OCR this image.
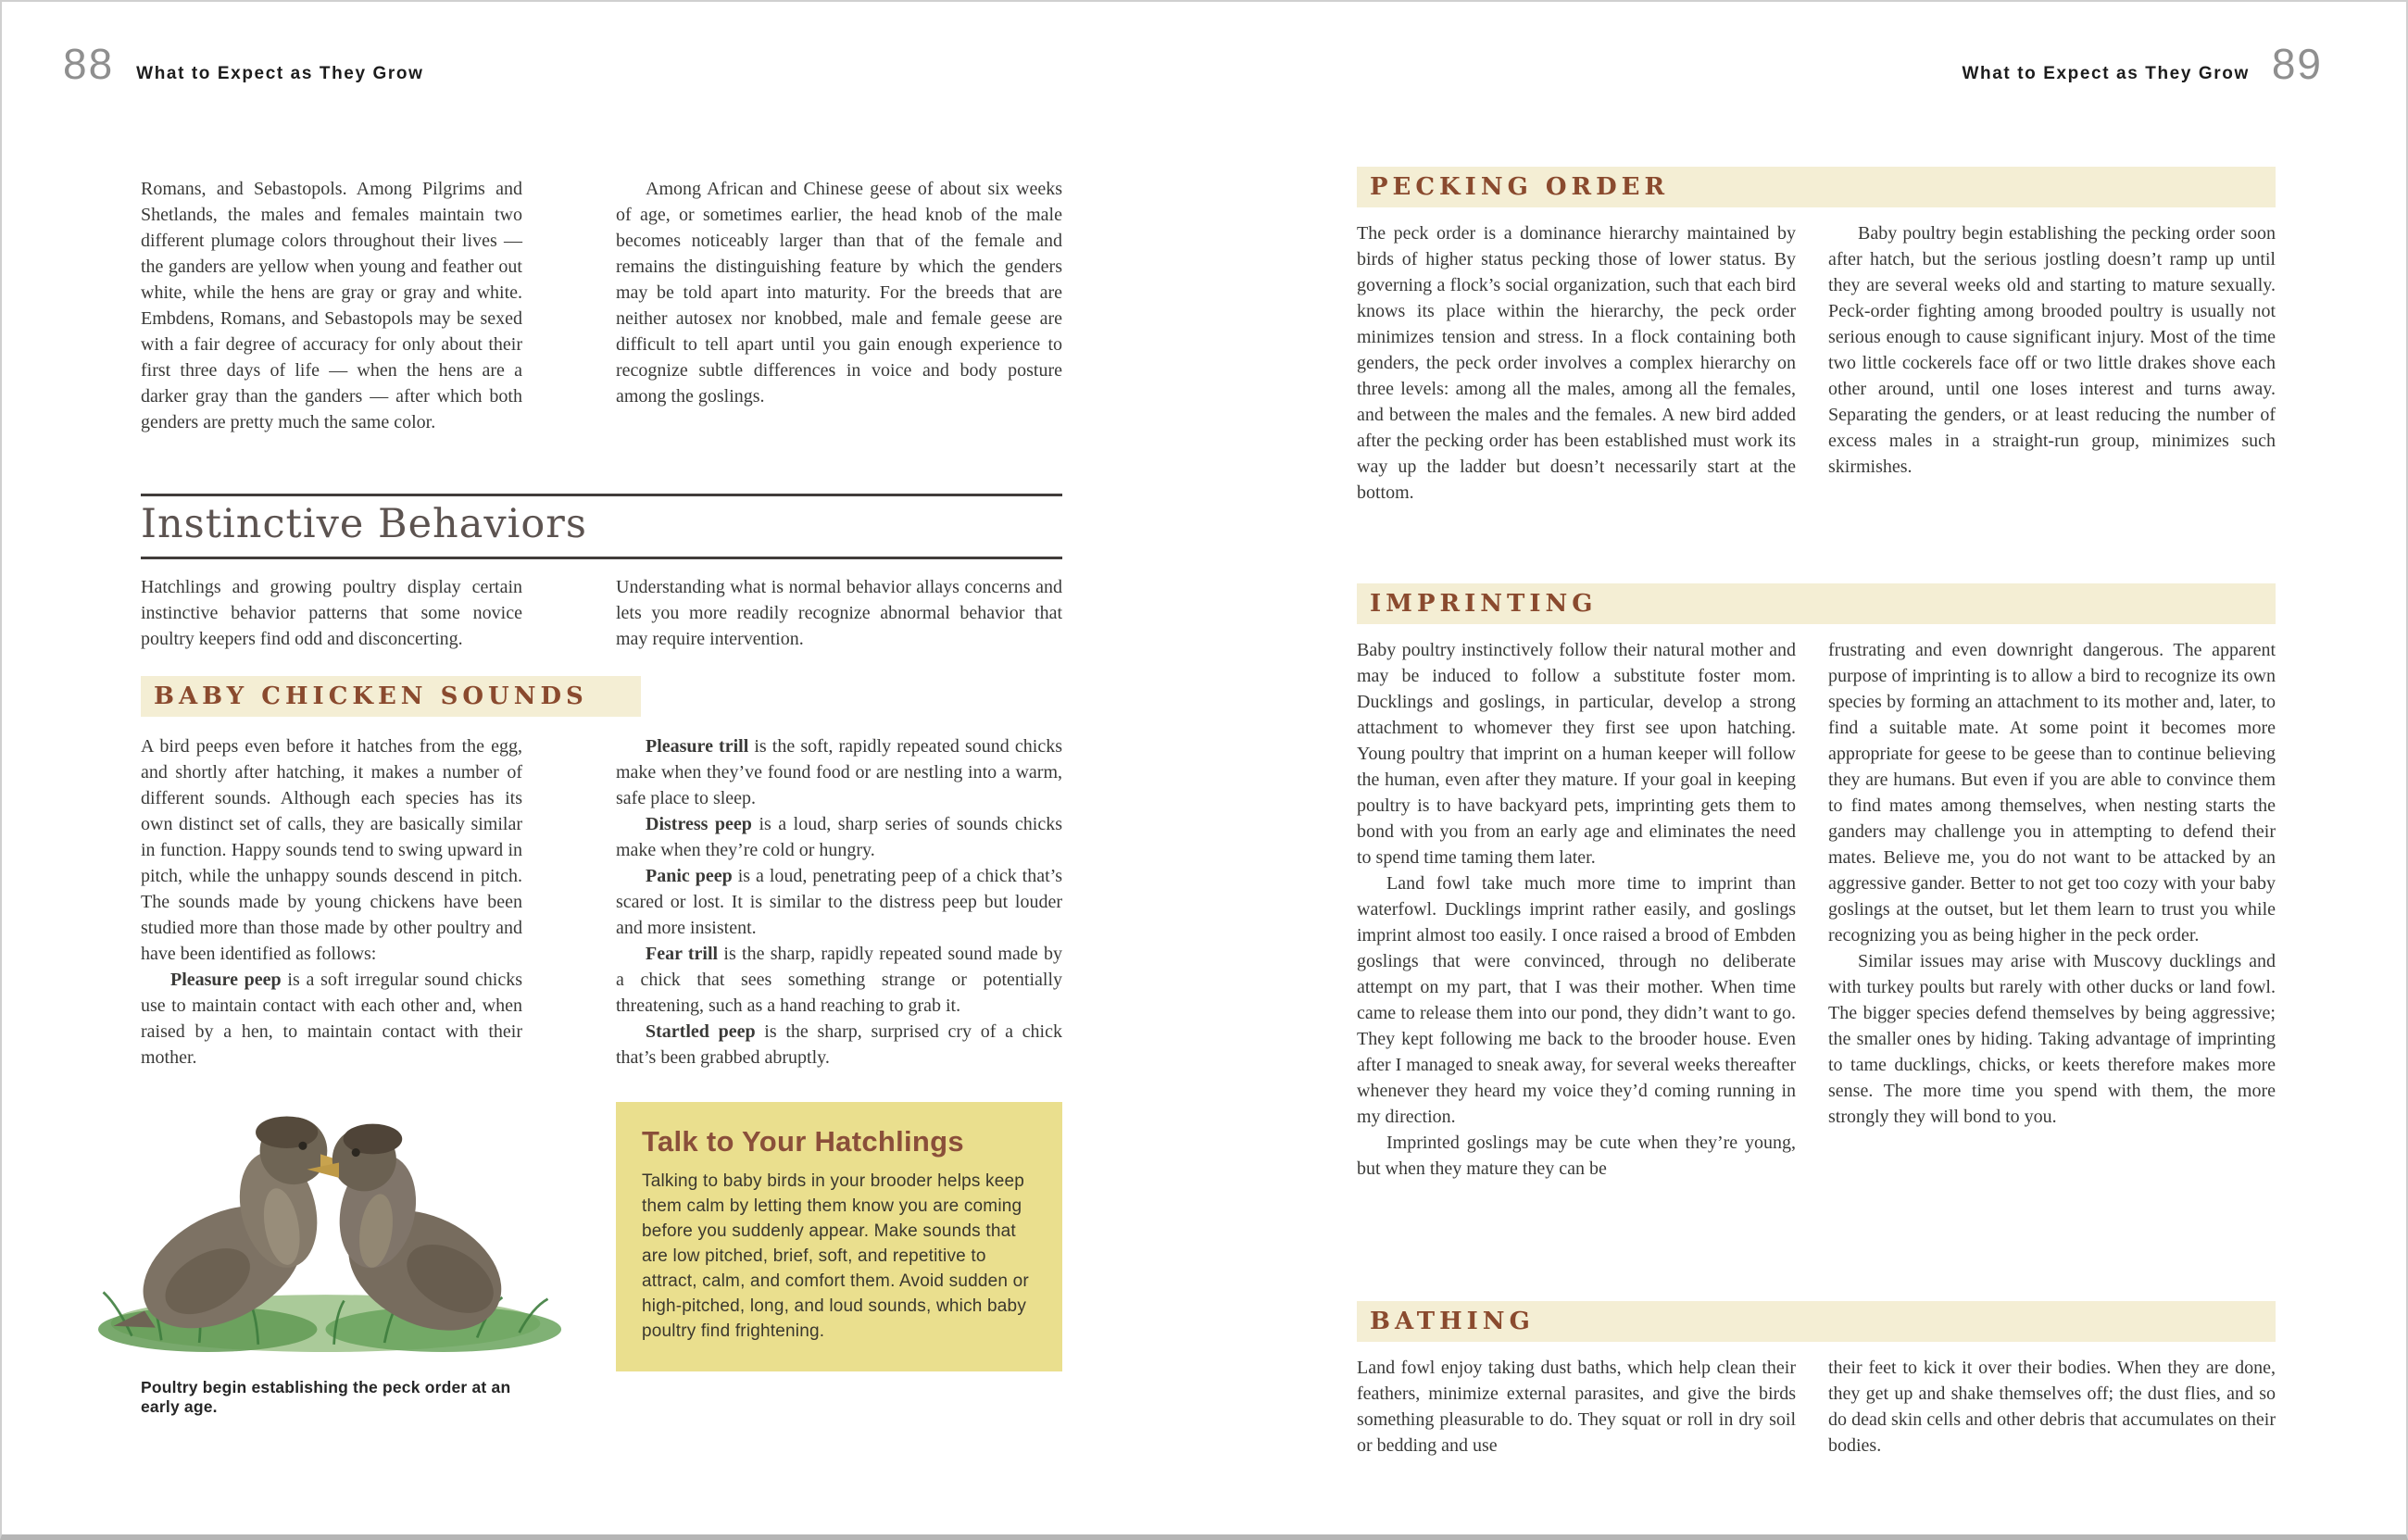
88 What to Expect as They Grow	What to Expect as They Grow 89

Romans, and Sebastopols. Among Pilgrims and Shetlands, the males and females maintain two different plumage colors throughout their lives — the ganders are yellow when young and feather out white, while the hens are gray or gray and white. Embdens, Romans, and Sebastopols may be sexed with a fair degree of accuracy for only about their first three days of life — when the hens are a darker gray than the ganders — after which both genders are pretty much the same color.

Among African and Chinese geese of about six weeks of age, or sometimes earlier, the head knob of the male becomes noticeably larger than that of the female and remains the distinguishing feature by which the genders may be told apart into maturity. For the breeds that are neither autosex nor knobbed, male and female geese are difficult to tell apart until you gain enough experience to recognize subtle differences in voice and body posture among the goslings.

Instinctive Behaviors

Hatchlings and growing poultry display certain instinctive behavior patterns that some novice poultry keepers find odd and disconcerting.

Understanding what is normal behavior allays concerns and lets you more readily recognize abnormal behavior that may require intervention.

BABY CHICKEN SOUNDS

A bird peeps even before it hatches from the egg, and shortly after hatching, it makes a number of different sounds. Although each species has its own distinct set of calls, they are basically similar in function. Happy sounds tend to swing upward in pitch, while the unhappy sounds descend in pitch. The sounds made by young chickens have been studied more than those made by other poultry and have been identified as follows:

Pleasure peep is a soft irregular sound chicks use to maintain contact with each other and, when raised by a hen, to maintain contact with their mother.

Poultry begin establishing the peck order at an early age.

Pleasure trill is the soft, rapidly repeated sound chicks make when they’ve found food or are nestling into a warm, safe place to sleep.

Distress peep is a loud, sharp series of sounds chicks make when they’re cold or hungry.

Panic peep is a loud, penetrating peep of a chick that’s scared or lost. It is similar to the distress peep but louder and more insistent.

Fear trill is the sharp, rapidly repeated sound made by a chick that sees something strange or potentially threatening, such as a hand reaching to grab it.

Startled peep is the sharp, surprised cry of a chick that’s been grabbed abruptly.

Talk to Your Hatchlings

Talking to baby birds in your brooder helps keep them calm by letting them know you are coming before you suddenly appear. Make sounds that are low pitched, brief, soft, and repetitive to attract, calm, and comfort them. Avoid sudden or high-pitched, long, and loud sounds, which baby poultry find frightening.

PECKING ORDER

The peck order is a dominance hierarchy maintained by birds of higher status pecking those of lower status. By governing a flock’s social organization, such that each bird knows its place within the hierarchy, the peck order minimizes tension and stress. In a flock containing both genders, the peck order involves a complex hierarchy on three levels: among all the males, among all the females, and between the males and the females. A new bird added after the pecking order has been established must work its way up the ladder but doesn’t necessarily start at the bottom.

Baby poultry begin establishing the pecking order soon after hatch, but the serious jostling doesn’t ramp up until they are several weeks old and starting to mature sexually. Peck-order fighting among brooded poultry is usually not serious enough to cause significant injury. Most of the time two little cockerels face off or two little drakes shove each other around, until one loses interest and turns away. Separating the genders, or at least reducing the number of excess males in a straight-run group, minimizes such skirmishes.

IMPRINTING

Baby poultry instinctively follow their natural mother and may be induced to follow a substitute foster mom. Ducklings and goslings, in particular, develop a strong attachment to whomever they first see upon hatching. Young poultry that imprint on a human keeper will follow the human, even after they mature. If your goal in keeping poultry is to have backyard pets, imprinting gets them to bond with you from an early age and eliminates the need to spend time taming them later.

Land fowl take much more time to imprint than waterfowl. Ducklings imprint rather easily, and goslings imprint almost too easily. I once raised a brood of Embden goslings that were convinced, through no deliberate attempt on my part, that I was their mother. When time came to release them into our pond, they didn’t want to go. They kept following me back to the brooder house. Even after I managed to sneak away, for several weeks thereafter whenever they heard my voice they’d coming running in my direction.

Imprinted goslings may be cute when they’re young, but when they mature they can be

frustrating and even downright dangerous. The apparent purpose of imprinting is to allow a bird to recognize its own species by forming an attachment to its mother and, later, to find a suitable mate. At some point it becomes more appropriate for geese to be geese than to continue believing they are humans. But even if you are able to convince them to find mates among themselves, when nesting starts the ganders may challenge you in attempting to defend their mates. Believe me, you do not want to be attacked by an aggressive gander. Better to not get too cozy with your baby goslings at the outset, but let them learn to trust you while recognizing you as being higher in the peck order.

Similar issues may arise with Muscovy ducklings and with turkey poults but rarely with other ducks or land fowl. The bigger species defend themselves by being aggressive; the smaller ones by hiding. Taking advantage of imprinting to tame ducklings, chicks, or keets therefore makes more sense. The more time you spend with them, the more strongly they will bond to you.

BATHING

Land fowl enjoy taking dust baths, which help clean their feathers, minimize external parasites, and give the birds something pleasurable to do. They squat or roll in dry soil or bedding and use

their feet to kick it over their bodies. When they are done, they get up and shake themselves off; the dust flies, and so do dead skin cells and other debris that accumulates on their bodies.
